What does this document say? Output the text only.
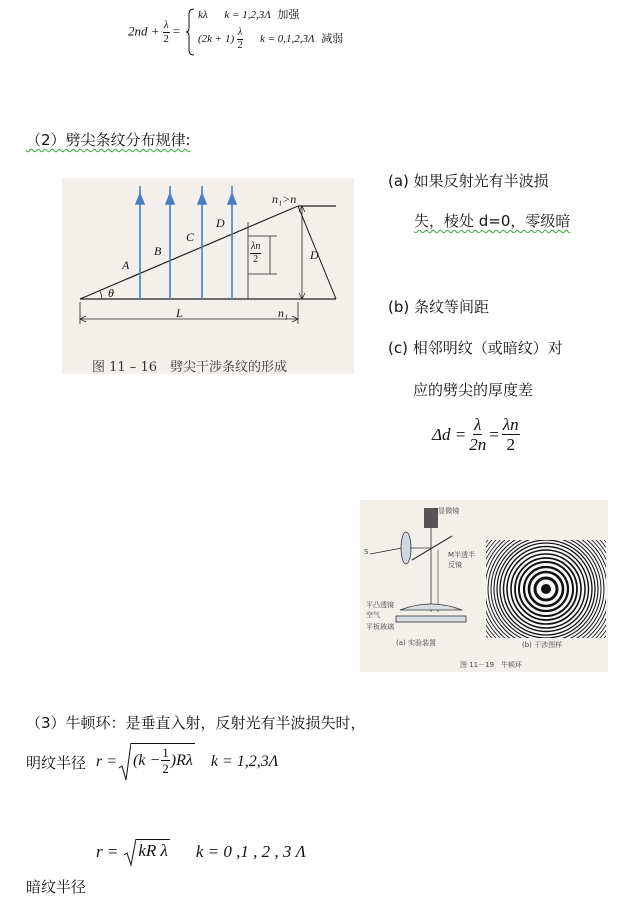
$2nd + \frac{\lambda}{2}$ =
kλ k = 1,2,3Λ 加强
$(2k + 1) \frac{\lambda}{2}$ k = 0,1,2,3Λ 减弱
（2）劈尖条纹分布规律:
n₁>n
n₁
A
B
C
D
D
θ
L
$\frac{\lambda n}{2}$
图 11 – 16　劈尖干涉条纹的形成
(a) 如果反射光有半波损
失，棱处 d=0，零级暗
(b) 条纹等间距
(c) 相邻明纹（或暗纹）对
应的劈尖的厚度差
$\Delta d = \frac{\lambda}{2n} = \frac{\lambda n}{2}$
T显微镜
M半透半反镜
S
平凸透镜
空气
平板玻璃
(a) 实验装置	(b) 干涉图样
图 11－19　牛顿环
（3）牛顿环：是垂直入射，反射光有半波损失时，
明纹半径 $r = (k - \frac{1}{2} )R\lambda$ k = 1,2,3Λ
r = kR λ k = 0 ,1 , 2 , 3 Λ
暗纹半径
